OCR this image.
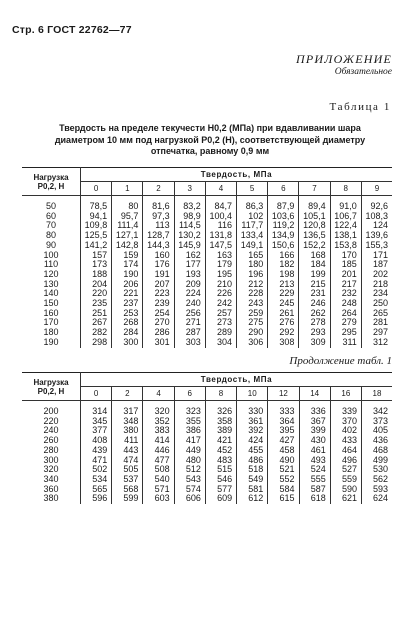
Стр. 6 ГОСТ 22762—77
ПРИЛОЖЕНИЕ
Обязательное
Таблица 1
Твердость на пределе текучести H0,2 (МПа) при вдавливании шара
диаметром 10 мм под нагрузкой P0,2 (Н), соответствующей диаметру
отпечатка, равному 0,9 мм
Нагрузка
P0,2, Н	Твердость, МПа									
	0	1	2	3	4	5	6	7	8	9
50	78,5	80	81,6	83,2	84,7	86,3	87,9	89,4	91,0	92,6
60	94,1	95,7	97,3	98,9	100,4	102	103,6	105,1	106,7	108,3
70	109,8	111,4	113	114,5	116	117,7	119,2	120,8	122,4	124
80	125,5	127,1	128,7	130,2	131,8	133,4	134,9	136,5	138,1	139,6
90	141,2	142,8	144,3	145,9	147,5	149,1	150,6	152,2	153,8	155,3
100	157	159	160	162	163	165	166	168	170	171
110	173	174	176	177	179	180	182	184	185	187
120	188	190	191	193	195	196	198	199	201	202
130	204	206	207	209	210	212	213	215	217	218
140	220	221	223	224	226	228	229	231	232	234
150	235	237	239	240	242	243	245	246	248	250
160	251	253	254	256	257	259	261	262	264	265
170	267	268	270	271	273	275	276	278	279	281
180	282	284	286	287	289	290	292	293	295	297
190	298	300	301	303	304	306	308	309	311	312
Продолжение табл. 1
Нагрузка
P0,2, Н	Твердость, МПа									
	0	2	4	6	8	10	12	14	16	18
200	314	317	320	323	326	330	333	336	339	342
220	345	348	352	355	358	361	364	367	370	373
240	377	380	383	386	389	392	395	399	402	405
260	408	411	414	417	421	424	427	430	433	436
280	439	443	446	449	452	455	458	461	464	468
300	471	474	477	480	483	486	490	493	496	499
320	502	505	508	512	515	518	521	524	527	530
340	534	537	540	543	546	549	552	555	559	562
360	565	568	571	574	577	581	584	587	590	593
380	596	599	603	606	609	612	615	618	621	624
